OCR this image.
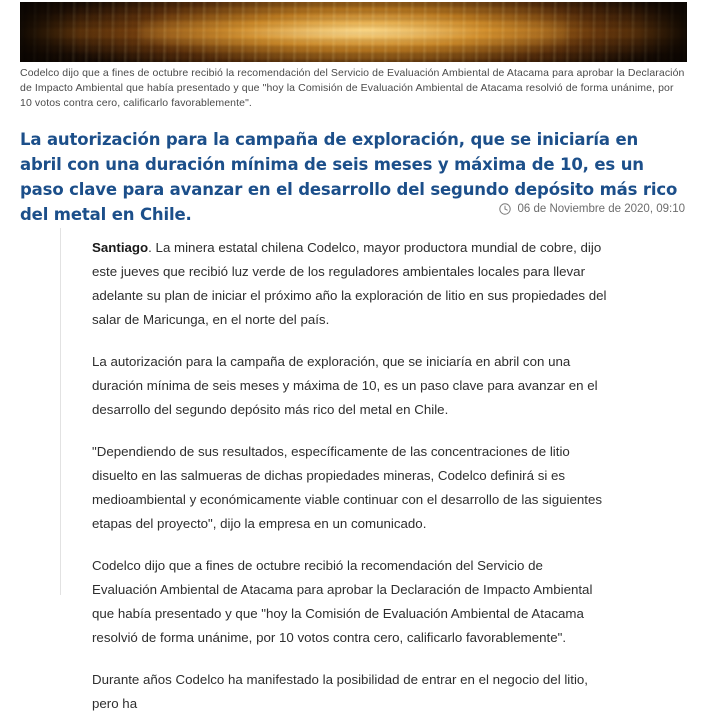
Codelco dijo que a fines de octubre recibió la recomendación del Servicio de Evaluación Ambiental de Atacama para aprobar la Declaración de Impacto Ambiental que había presentado y que "hoy la Comisión de Evaluación Ambiental de Atacama resolvió de forma unánime, por 10 votos contra cero, calificarlo favorablemente".
La autorización para la campaña de exploración, que se iniciaría en abril con una duración mínima de seis meses y máxima de 10, es un paso clave para avanzar en el desarrollo del segundo depósito más rico del metal en Chile.	06 de Noviembre de 2020, 09:10

Santiago. La minera estatal chilena Codelco, mayor productora mundial de cobre, dijo este jueves que recibió luz verde de los reguladores ambientales locales para llevar adelante su plan de iniciar el próximo año la exploración de litio en sus propiedades del salar de Maricunga, en el norte del país.

La autorización para la campaña de exploración, que se iniciaría en abril con una duración mínima de seis meses y máxima de 10, es un paso clave para avanzar en el desarrollo del segundo depósito más rico del metal en Chile.

"Dependiendo de sus resultados, específicamente de las concentraciones de litio disuelto en las salmueras de dichas propiedades mineras, Codelco definirá si es medioambiental y económicamente viable continuar con el desarrollo de las siguientes etapas del proyecto", dijo la empresa en un comunicado.

Codelco dijo que a fines de octubre recibió la recomendación del Servicio de Evaluación Ambiental de Atacama para aprobar la Declaración de Impacto Ambiental que había presentado y que "hoy la Comisión de Evaluación Ambiental de Atacama resolvió de forma unánime, por 10 votos contra cero, calificarlo favorablemente".

Durante años Codelco ha manifestado la posibilidad de entrar en el negocio del litio, pero ha
